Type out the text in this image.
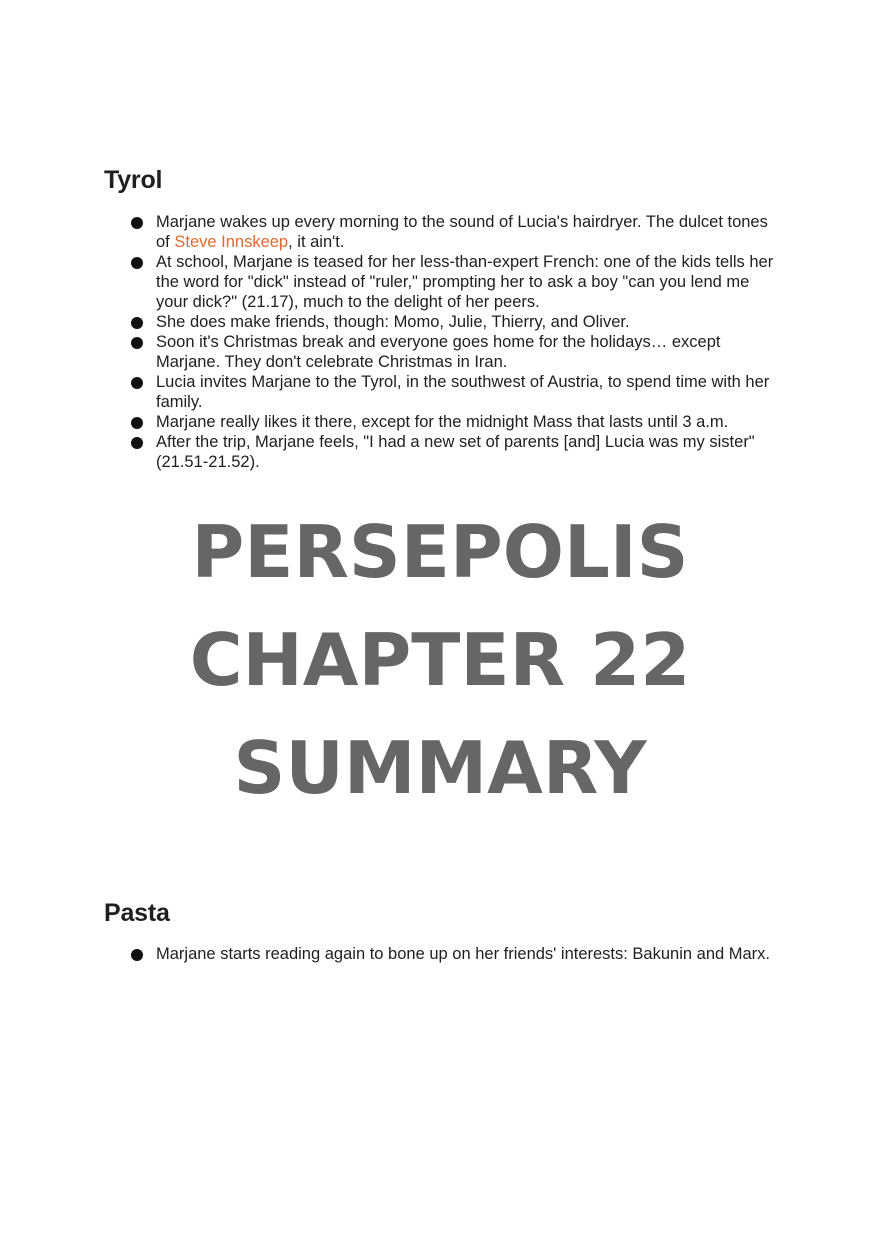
Tyrol
Marjane wakes up every morning to the sound of Lucia's hairdryer. The dulcet tones of Steve Innskeep, it ain't.
At school, Marjane is teased for her less-than-expert French: one of the kids tells her the word for "dick" instead of "ruler," prompting her to ask a boy "can you lend me your dick?" (21.17), much to the delight of her peers.
She does make friends, though: Momo, Julie, Thierry, and Oliver.
Soon it's Christmas break and everyone goes home for the holidays… except Marjane. They don't celebrate Christmas in Iran.
Lucia invites Marjane to the Tyrol, in the southwest of Austria, to spend time with her family.
Marjane really likes it there, except for the midnight Mass that lasts until 3 a.m.
After the trip, Marjane feels, "I had a new set of parents [and] Lucia was my sister" (21.51-21.52).
PERSEPOLIS
CHAPTER 22
SUMMARY
Pasta
Marjane starts reading again to bone up on her friends' interests: Bakunin and Marx.
